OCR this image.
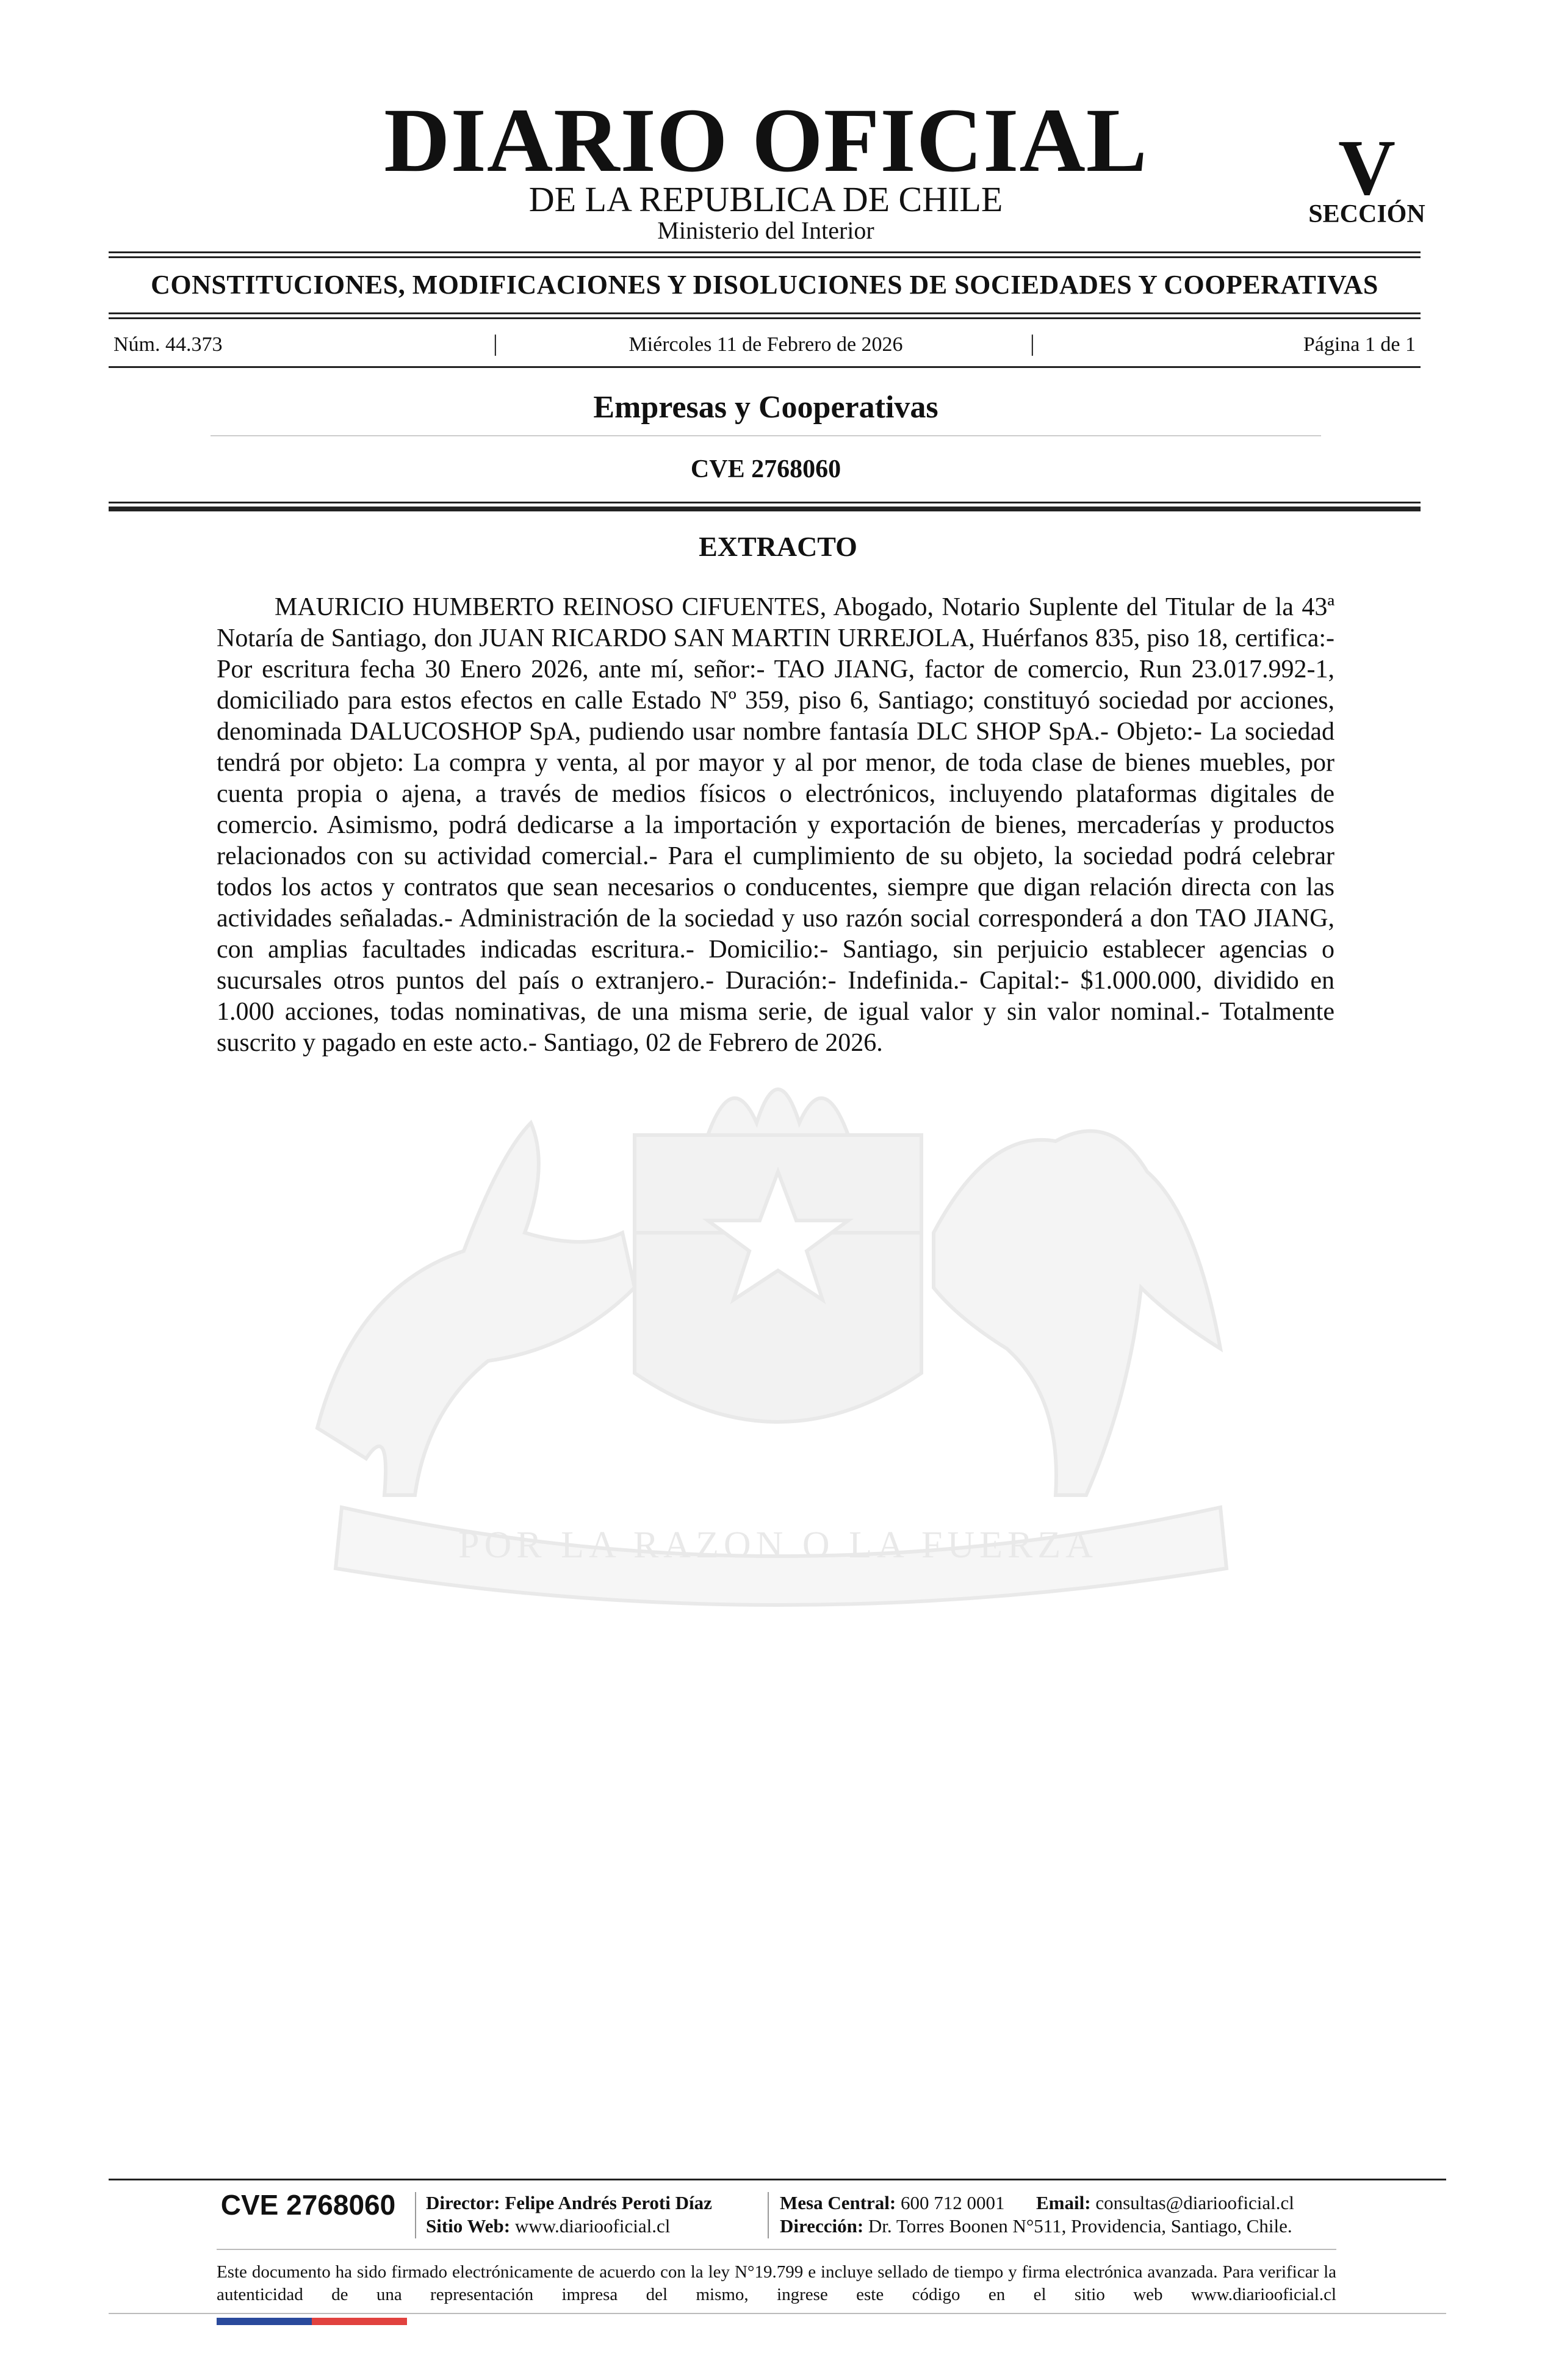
POR LA RAZON O LA FUERZA
DIARIO OFICIAL
DE LA REPUBLICA DE CHILE
Ministerio del Interior
V
SECCIÓN
CONSTITUCIONES, MODIFICACIONES Y DISOLUCIONES DE SOCIEDADES Y COOPERATIVAS
Núm. 44.373	|	Miércoles 11 de Febrero de 2026	|	Página 1 de 1
Empresas y Cooperativas
CVE 2768060
EXTRACTO
MAURICIO HUMBERTO REINOSO CIFUENTES, Abogado, Notario Suplente del Titular de la 43ª Notaría de Santiago, don JUAN RICARDO SAN MARTIN URREJOLA, Huérfanos 835, piso 18, certifica:- Por escritura fecha 30 Enero 2026, ante mí, señor:- TAO JIANG, factor de comercio, Run 23.017.992-1, domiciliado para estos efectos en calle Estado Nº 359, piso 6, Santiago; constituyó sociedad por acciones, denominada DALUCOSHOP SpA, pudiendo usar nombre fantasía DLC SHOP SpA.- Objeto:- La sociedad tendrá por objeto: La compra y venta, al por mayor y al por menor, de toda clase de bienes muebles, por cuenta propia o ajena, a través de medios físicos o electrónicos, incluyendo plataformas digitales de comercio. Asimismo, podrá dedicarse a la importación y exportación de bienes, mercaderías y productos relacionados con su actividad comercial.- Para el cumplimiento de su objeto, la sociedad podrá celebrar todos los actos y contratos que sean necesarios o conducentes, siempre que digan relación directa con las actividades señaladas.- Administración de la sociedad y uso razón social corresponderá a don TAO JIANG, con amplias facultades indicadas escritura.- Domicilio:- Santiago, sin perjuicio establecer agencias o sucursales otros puntos del país o extranjero.- Duración:- Indefinida.- Capital:- $1.000.000, dividido en 1.000 acciones, todas nominativas, de una misma serie, de igual valor y sin valor nominal.- Totalmente suscrito y pagado en este acto.- Santiago, 02 de Febrero de 2026.
CVE 2768060	Director: Felipe Andrés Peroti Díaz
Sitio Web: www.diariooficial.cl
Mesa Central: 600 712 0001 Email: consultas@diariooficial.cl
Dirección: Dr. Torres Boonen N°511, Providencia, Santiago, Chile.
Este documento ha sido firmado electrónicamente de acuerdo con la ley N°19.799 e incluye sellado de tiempo y firma electrónica avanzada. Para verificar la autenticidad de una representación impresa del mismo, ingrese este código en el sitio web www.diariooficial.cl
